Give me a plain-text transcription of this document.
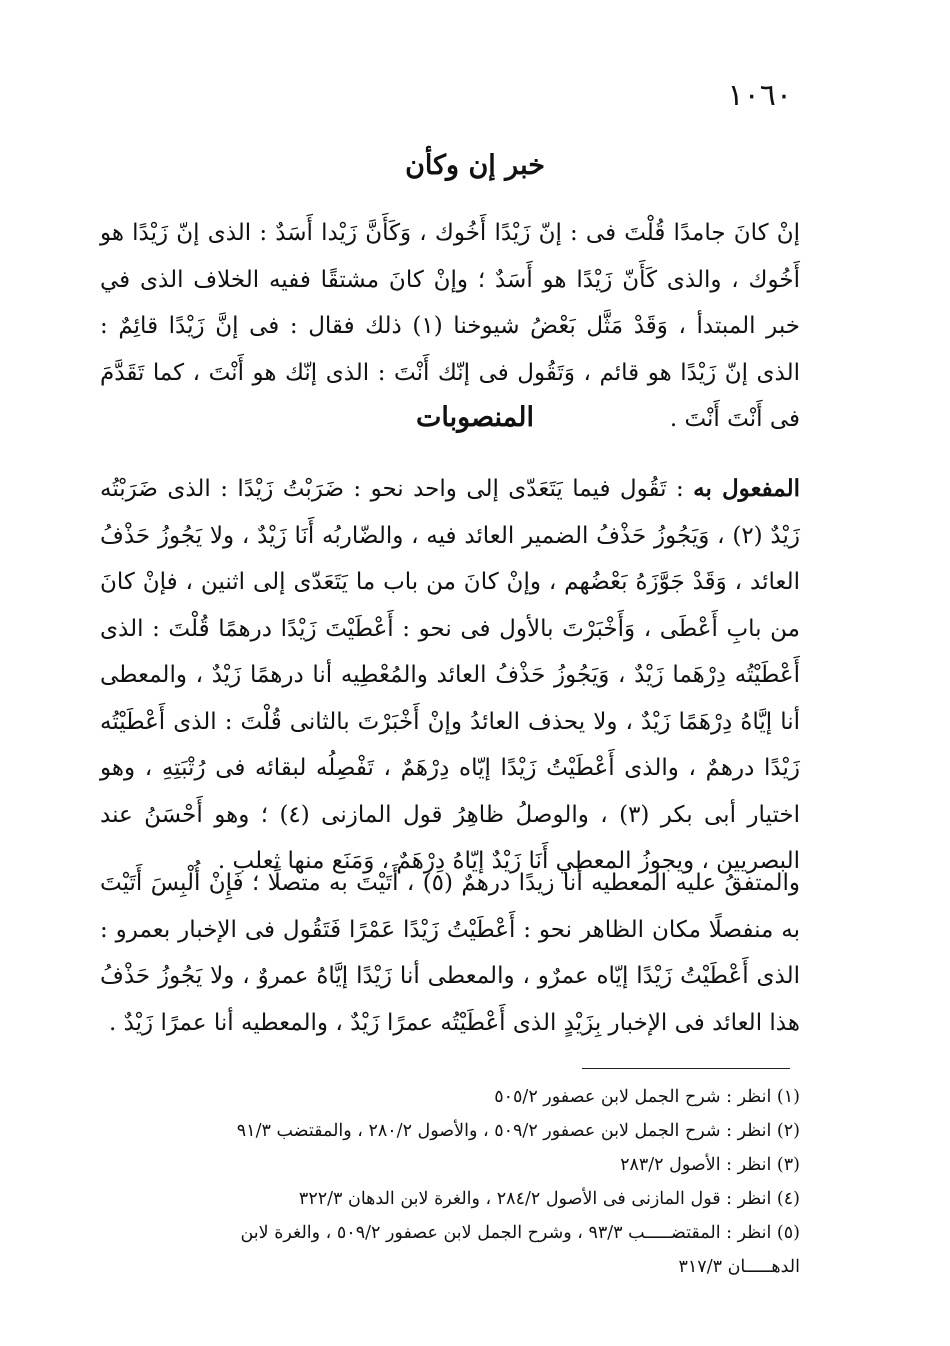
١٠٦٠
خبر إن وكأن
إنْ كانَ جامدًا قُلْتَ فى : إنّ زَيْدًا أَخُوك ، وَكَأَنَّ زَيْدا أَسَدٌ : الذى إنّ زَيْدًا هو أَخُوك ، والذى كَأَنّ زَيْدًا هو أَسَدٌ ؛ وإنْ كانَ مشتقًا ففيه الخلاف الذى في خبر المبتدأ ، وَقَدْ مَثَّل بَعْضُ شيوخنا (١) ذلك فقال : فى إنَّ زَيْدًا قائِمٌ : الذى إنّ زَيْدًا هو قائم ، وَتَقُول فى إنّك أَنْتَ : الذى إنّك هو أَنْتَ ، كما تَقَدَّمَ فى أَنْتَ أَنْتَ .
المنصوبات
المفعول به : تَقُول فيما يَتَعَدّى إلى واحد نحو : ضَرَبْتُ زَيْدًا : الذى ضَرَبْتُه زَيْدٌ (٢) ، وَيَجُوزُ حَذْفُ الضمير العائد فيه ، والضّاربُه أَنَا زَيْدٌ ، ولا يَجُوزُ حَذْفُ العائد ، وَقَدْ جَوَّزَهُ بَعْضُهم ، وإنْ كانَ من باب ما يَتَعَدّى إلى اثنين ، فإنْ كانَ من بابِ أَعْطَى ، وَأَخْبَرْتَ بالأول فى نحو : أَعْطَيْتَ زَيْدًا درهمًا قُلْتَ : الذى أَعْطَيْتُه دِرْهَما زَيْدٌ ، وَيَجُوزُ حَذْفُ العائد والمُعْطِيه أنا درهمًا زَيْدٌ ، والمعطى أنا إيَّاهُ دِرْهَمًا زَيْدٌ ، ولا يحذف العائدُ وإنْ أَخْبَرْتَ بالثانى قُلْتَ : الذى أَعْطَيْتُه زَيْدًا درهمٌ ، والذى أَعْطَيْتُ زَيْدًا إيّاه دِرْهَمٌ ، تَفْصِلُه لبقائه فى رُتْبَتِهِ ، وهو اختيار أبى بكر (٣) ، والوصلُ ظاهِرُ قول المازنى (٤) ؛ وهو أَحْسَنُ عند البصريين ، ويجوزُ المعطي أَنَا زَيْدٌ إيّاهُ دِرْهَمٌ ، وَمَنَع منها ثعلب .
والمتفقُ عليه المعطيه أنا زيدًا درهمٌ (٥) ، أَتَيْتَ به متصلًا ؛ فَإِنْ أُلْبِسَ أَتَيْتَ به منفصلًا مكان الظاهر نحو : أَعْطَيْتُ زَيْدًا عَمْرًا فَتَقُول فى الإخبار بعمرو : الذى أَعْطَيْتُ زَيْدًا إيّاه عمرٌو ، والمعطى أنا زَيْدًا إيَّاهُ عمروٌ ، ولا يَجُوزُ حَذْفُ هذا العائد فى الإخبار بِزَيْدٍ الذى أَعْطَيْتُه عمرًا زَيْدٌ ، والمعطيه أنا عمرًا زَيْدٌ .
(١) انظر : شرح الجمل لابن عصفور ٥٠٥/٢
(٢) انظر : شرح الجمل لابن عصفور ٥٠٩/٢ ، والأصول ٢٨٠/٢ ، والمقتضب ٩١/٣
(٣) انظر : الأصول ٢٨٣/٢
(٤) انظر : قول المازنى فى الأصول ٢٨٤/٢ ، والغرة لابن الدهان ٣٢٢/٣
(٥) انظر : المقتضـــــب ٩٣/٣ ، وشرح الجمل لابن عصفور ٥٠٩/٢ ، والغرة لابن
الدهـــــان ٣١٧/٣
